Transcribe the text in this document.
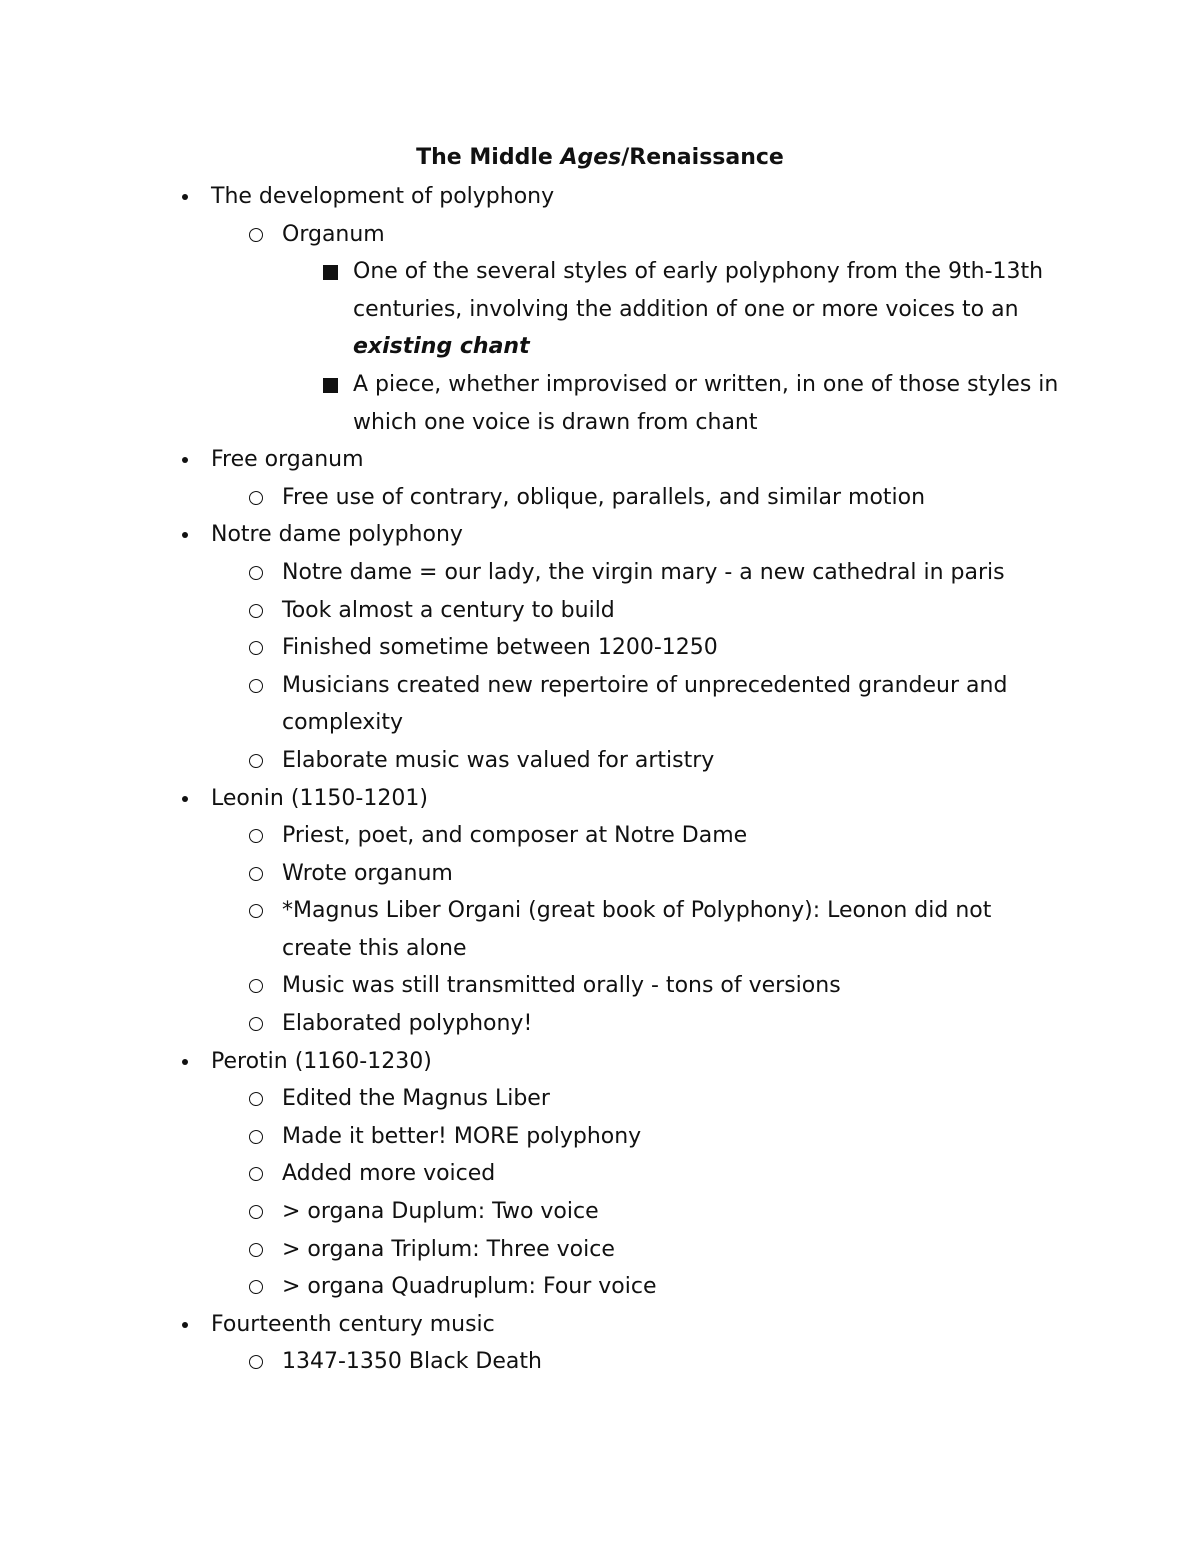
The Middle Ages/Renaissance
The development of polyphony
Organum
One of the several styles of early polyphony from the 9th-13th
centuries, involving the addition of one or more voices to an
existing chant
A piece, whether improvised or written, in one of those styles in
which one voice is drawn from chant
Free organum
Free use of contrary, oblique, parallels, and similar motion
Notre dame polyphony
Notre dame = our lady, the virgin mary - a new cathedral in paris
Took almost a century to build
Finished sometime between 1200-1250
Musicians created new repertoire of unprecedented grandeur and
complexity
Elaborate music was valued for artistry
Leonin (1150-1201)
Priest, poet, and composer at Notre Dame
Wrote organum
*Magnus Liber Organi (great book of Polyphony): Leonon did not
create this alone
Music was still transmitted orally - tons of versions
Elaborated polyphony!
Perotin (1160-1230)
Edited the Magnus Liber
Made it better! MORE polyphony
Added more voiced
> organa Duplum: Two voice
> organa Triplum: Three voice
> organa Quadruplum: Four voice
Fourteenth century music
1347-1350 Black Death
